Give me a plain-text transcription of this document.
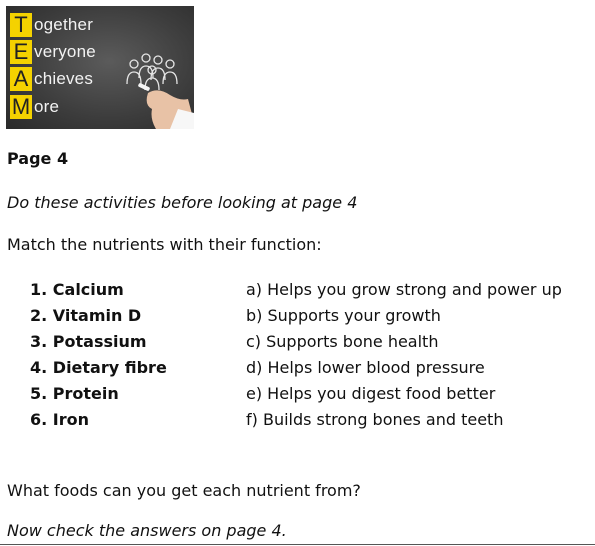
T ogether
E veryone
A chieves
M ore
Page 4
Do these activities before looking at page 4
Match the nutrients with their function:
1. Calcium	a) Helps you grow strong and power up
2. Vitamin D	b) Supports your growth
3. Potassium	c) Supports bone health
4. Dietary fibre	d) Helps lower blood pressure
5. Protein	e) Helps you digest food better
6. Iron	f) Builds strong bones and teeth
What foods can you get each nutrient from?
Now check the answers on page 4.
